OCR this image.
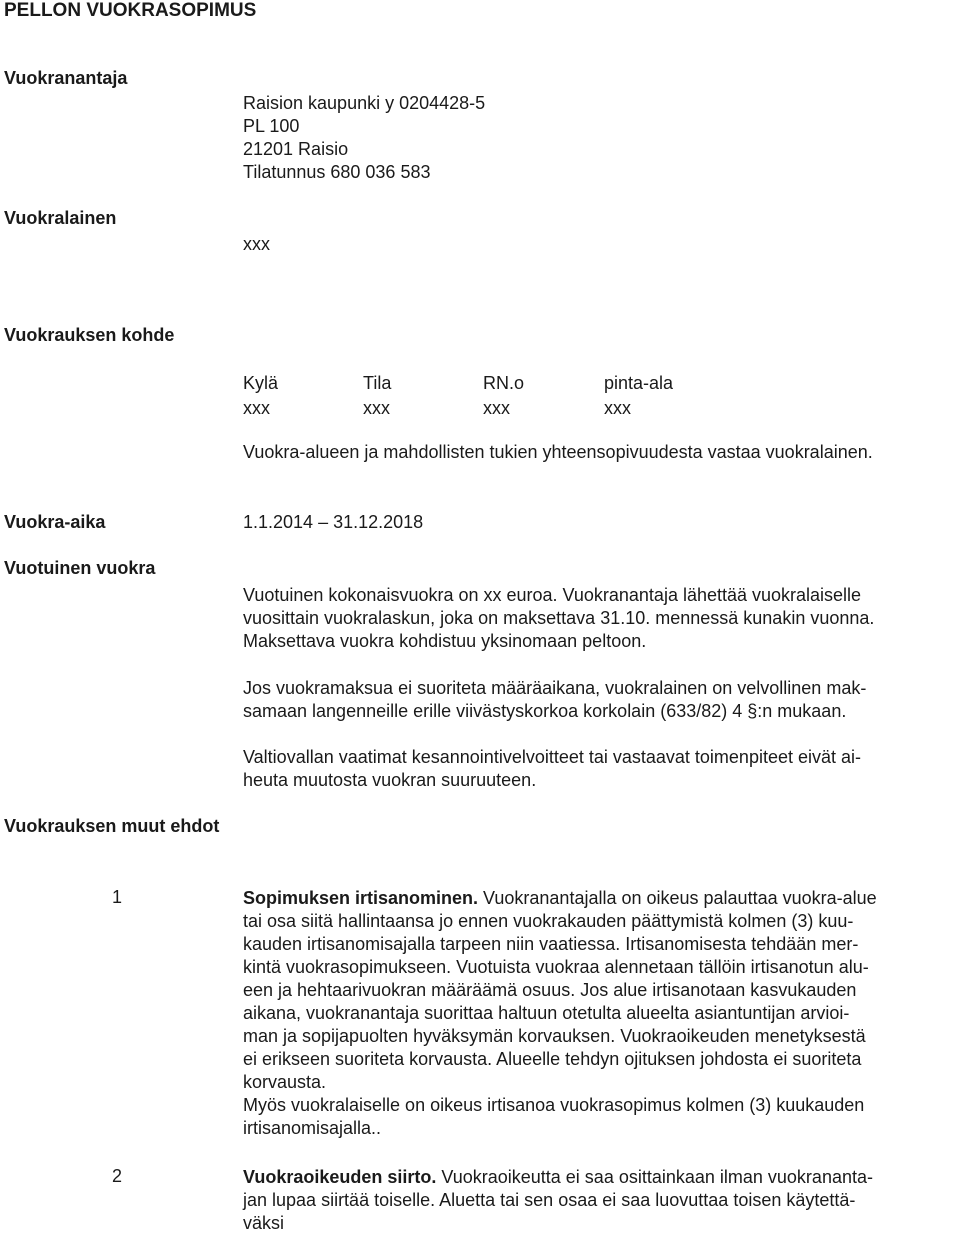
PELLON VUOKRASOPIMUS
Vuokranantaja
Raision kaupunki y 0204428-5
PL 100
21201 Raisio
Tilatunnus 680 036 583
Vuokralainen
xxx
Vuokrauksen kohde
Kylä	Tila	RN.o	pinta-ala
xxx	xxx	xxx	xxx
Vuokra-alueen ja mahdollisten tukien yhteensopivuudesta vastaa vuokralainen.
Vuokra-aika	1.1.2014 – 31.12.2018
Vuotuinen vuokra
Vuotuinen kokonaisvuokra on xx euroa. Vuokranantaja lähettää vuokralaiselle
vuosittain vuokralaskun, joka on maksettava 31.10. mennessä kunakin vuonna.
Maksettava vuokra kohdistuu yksinomaan peltoon.
Jos vuokramaksua ei suoriteta määräaikana, vuokralainen on velvollinen mak-
samaan langenneille erille viivästyskorkoa korkolain (633/82) 4 §:n mukaan.
Valtiovallan vaatimat kesannointivelvoitteet tai vastaavat toimenpiteet eivät ai-
heuta muutosta vuokran suuruuteen.
Vuokrauksen muut ehdot
1	Sopimuksen irtisanominen. Vuokranantajalla on oikeus palauttaa vuokra-alue
tai osa siitä hallintaansa jo ennen vuokrakauden päättymistä kolmen (3) kuu-
kauden irtisanomisajalla tarpeen niin vaatiessa. Irtisanomisesta tehdään mer-
kintä vuokrasopimukseen. Vuotuista vuokraa alennetaan tällöin irtisanotun alu-
een ja hehtaarivuokran määräämä osuus. Jos alue irtisanotaan kasvukauden
aikana, vuokranantaja suorittaa haltuun otetulta alueelta asiantuntijan arvioi-
man ja sopijapuolten hyväksymän korvauksen. Vuokraoikeuden menetyksestä
ei erikseen suoriteta korvausta. Alueelle tehdyn ojituksen johdosta ei suoriteta
korvausta.
Myös vuokralaiselle on oikeus irtisanoa vuokrasopimus kolmen (3) kuukauden
irtisanomisajalla..
2	Vuokraoikeuden siirto. Vuokraoikeutta ei saa osittainkaan ilman vuokrananta-
jan lupaa siirtää toiselle. Aluetta tai sen osaa ei saa luovuttaa toisen käytettä-
väksi
